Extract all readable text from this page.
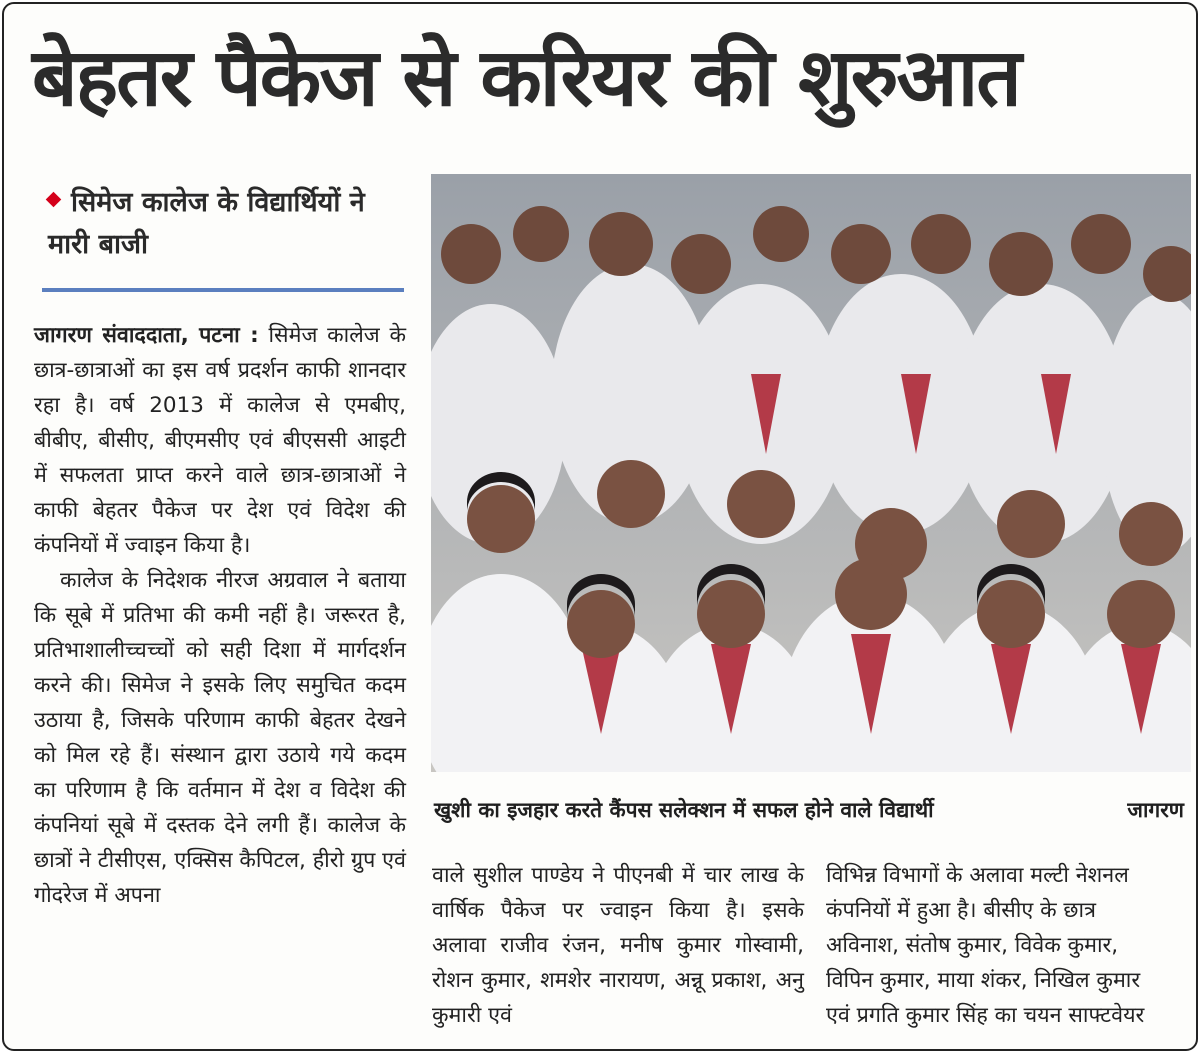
बेहतर पैकेज से करियर की शुरुआत
सिमेज कालेज के विद्यार्थियों ने मारी बाजी

जागरण संवाददाता, पटना : सिमेज कालेज के छात्र-छात्राओं का इस वर्ष प्रदर्शन काफी शानदार रहा है। वर्ष 2013 में कालेज से एमबीए, बीबीए, बीसीए, बीएमसीए एवं बीएससी आइटी में सफलता प्राप्त करने वाले छात्र-छात्राओं ने काफी बेहतर पैकेज पर देश एवं विदेश की कंपनियों में ज्वाइन किया है।

कालेज के निदेशक नीरज अग्रवाल ने बताया कि सूबे में प्रतिभा की कमी नहीं है। जरूरत है, प्रतिभाशालीच्चच्चों को सही दिशा में मार्गदर्शन करने की। सिमेज ने इसके लिए समुचित कदम उठाया है, जिसके परिणाम काफी बेहतर देखने को मिल रहे हैं। संस्थान द्वारा उठाये गये कदम का परिणाम है कि वर्तमान में देश व विदेश की कंपनियां सूबे में दस्तक देने लगी हैं। कालेज के छात्रों ने टीसीएस, एक्सिस कैपिटल, हीरो ग्रुप एवं गोदरेज में अपना

खुशी का इजहार करते कैंपस सलेक्शन में सफल होने वाले विद्यार्थी	जागरण

वाले सुशील पाण्डेय ने पीएनबी में चार लाख के वार्षिक पैकेज पर ज्वाइन किया है। इसके अलावा राजीव रंजन, मनीष कुमार गोस्वामी, रोशन कुमार, शमशेर नारायण, अन्नू प्रकाश, अनु कुमारी एवं

विभिन्न विभागों के अलावा मल्टी नेशनल
कंपनियों में हुआ है। बीसीए के छात्र
अविनाश, संतोष कुमार, विवेक कुमार,
विपिन कुमार, माया शंकर, निखिल कुमार
एवं प्रगति कुमार सिंह का चयन साफ्टवेयर
